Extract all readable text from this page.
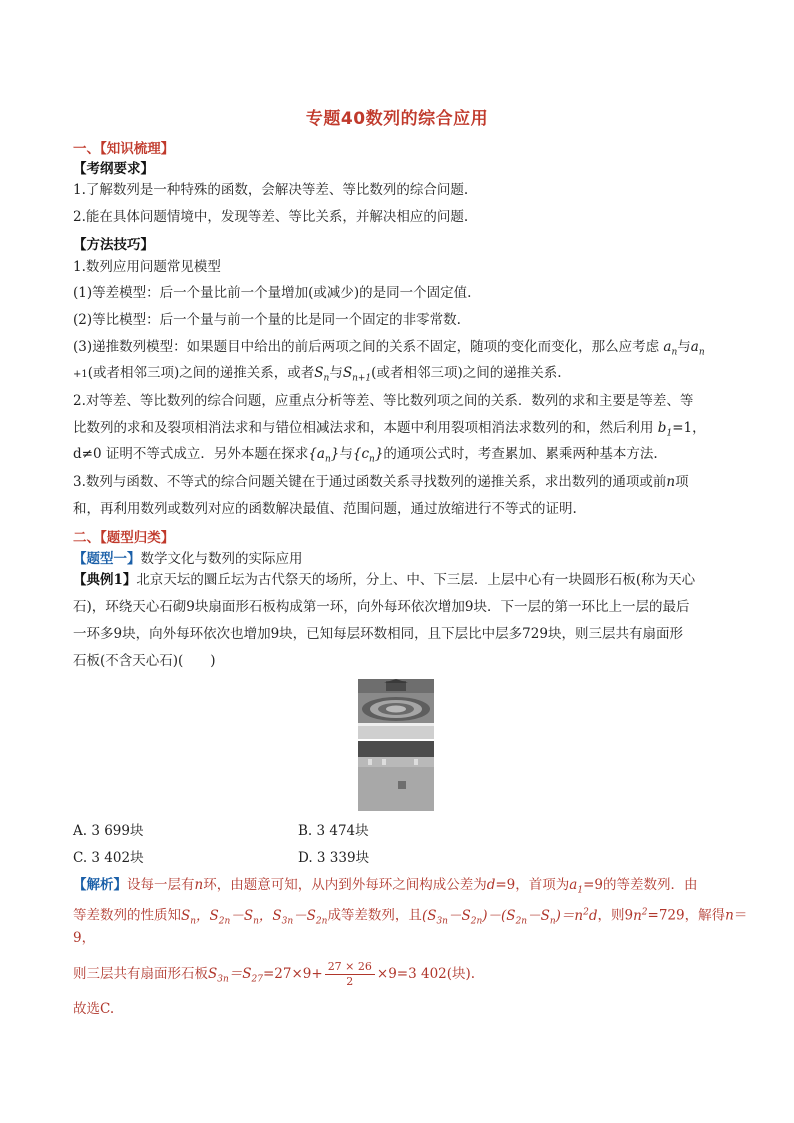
专题40数列的综合应用
一、【知识梳理】
【考纲要求】
1.了解数列是一种特殊的函数，会解决等差、等比数列的综合问题.
2.能在具体问题情境中，发现等差、等比关系，并解决相应的问题.
【方法技巧】
1.数列应用问题常见模型
(1)等差模型：后一个量比前一个量增加(或减少)的是同一个固定值.
(2)等比模型：后一个量与前一个量的比是同一个固定的非零常数.
(3)递推数列模型：如果题目中给出的前后两项之间的关系不固定，随项的变化而变化，那么应考虑 $a_n$与$a_n$
+1(或者相邻三项)之间的递推关系，或者$S_n$与$S_{n+1}$(或者相邻三项)之间的递推关系.
2.对等差、等比数列的综合问题，应重点分析等差、等比数列项之间的关系．数列的求和主要是等差、等
比数列的求和及裂项相消法求和与错位相减法求和，本题中利用裂项相消法求数列的和，然后利用 $b_1=1$，
d≠0 证明不等式成立．另外本题在探求$\{a_n\}$与$\{c_n\}$的通项公式时，考查累加、累乘两种基本方法.
3.数列与函数、不等式的综合问题关键在于通过函数关系寻找数列的递推关系，求出数列的通项或前n项
和，再利用数列或数列对应的函数解决最值、范围问题，通过放缩进行不等式的证明.
二、【题型归类】
【题型一】数学文化与数列的实际应用
【典例1】北京天坛的圜丘坛为古代祭天的场所，分上、中、下三层．上层中心有一块圆形石板(称为天心
石)，环绕天心石砌9块扇面形石板构成第一环，向外每环依次增加9块．下一层的第一环比上一层的最后
一环多9块，向外每环依次也增加9块，已知每层环数相同，且下层比中层多729块，则三层共有扇面形
石板(不含天心石)(　　)
A. 3 699块	B. 3 474块
C. 3 402块	D. 3 339块
【解析】设每一层有n环，由题意可知，从内到外每环之间构成公差为d=9，首项为$a_1=9$的等差数列．由
等差数列的性质知$S_n$，$S_{2n}-S_n$，$S_{3n}-S_{2n}$成等差数列，且$(S_{3n}-S_{2n})-(S_{2n}-S_n)=n^2d$，则$9n^2=729$，解得n＝
9，
则三层共有扇面形石板$S_{3n}=S_{27}=27\times 9+ \frac{27 \times 26}{2} \times 9=3$ 402(块).
故选C.
